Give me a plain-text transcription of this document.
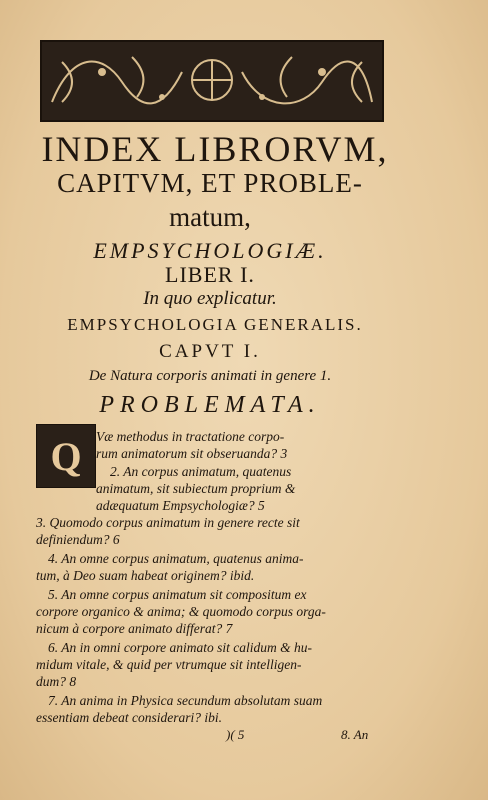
INDEX LIBRORVM,
CAPITVM, ET PROBLE-
matum,
EMPSYCHOLOGIÆ.
LIBER I.
In quo explicatur.
EMPSYCHOLOGIA GENERALIS.
CAPVT I.
De Natura corporis animati in genere 1.
PROBLEMATA.
Q	Væ methodus in tractatione corpo-
rum animatorum sit obseruanda? 3
2. An corpus animatum, quatenus
animatum, sit subiectum proprium &
adæquatum Empsychologiæ? 5
3. Quomodo corpus animatum in genere recte sit
definiendum? 6
4. An omne corpus animatum, quatenus anima-
tum, à Deo suam habeat originem? ibid.
5. An omne corpus animatum sit compositum ex
corpore organico & anima; & quomodo corpus orga-
nicum à corpore animato differat? 7
6. An in omni corpore animato sit calidum & hu-
midum vitale, & quid per vtrumque sit intelligen-
dum? 8
7. An anima in Physica secundum absolutam suam
essentiam debeat considerari? ibi.
)( 5	8. An
